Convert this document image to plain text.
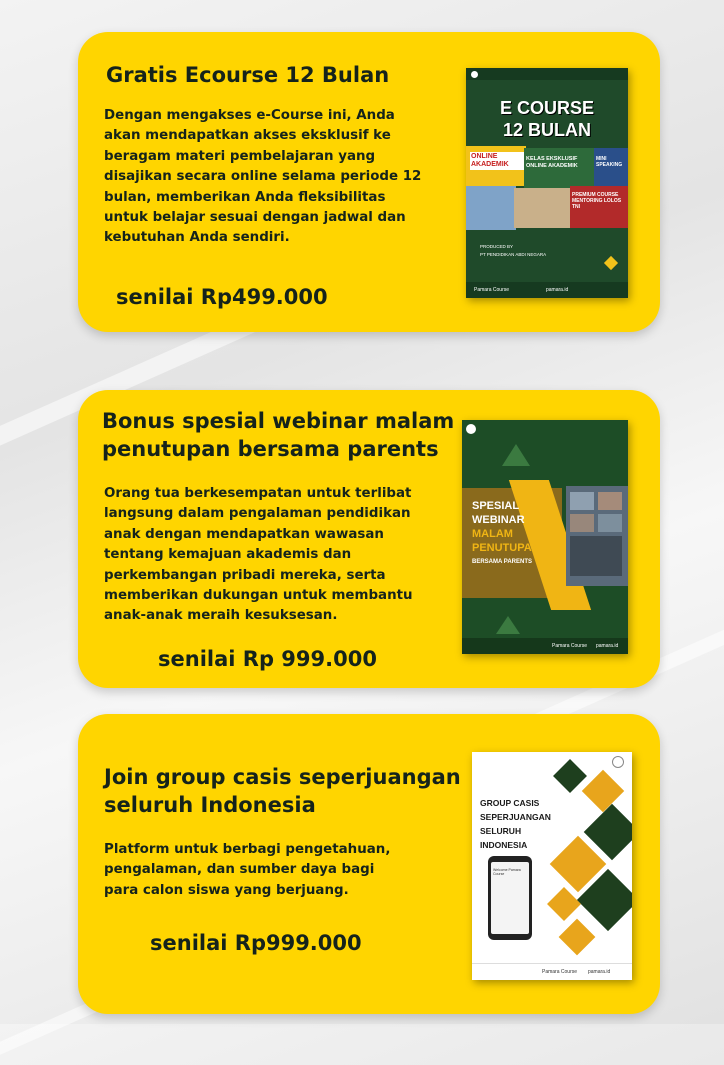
Gratis Ecourse 12 Bulan

Dengan mengakses e-Course ini, Anda akan mendapatkan akses eksklusif ke beragam materi pembelajaran yang disajikan secara online selama periode 12 bulan, memberikan Anda fleksibilitas untuk belajar sesuai dengan jadwal dan kebutuhan Anda sendiri.

senilai Rp499.000
E COURSE
12 BULAN
ONLINE AKADEMIK
KELAS EKSKLUSIF ONLINE AKADEMIK
MINI SPEAKING
PREMIUM COURSE MENTORING LOLOS TNI
PRODUCED BY
PT PENDIDIKAN ABDI NEGARA
Pamara Course	pamara.id
Bonus spesial webinar malam
penutupan bersama parents

Orang tua berkesempatan untuk terlibat langsung dalam pengalaman pendidikan anak dengan mendapatkan wawasan tentang kemajuan akademis dan perkembangan pribadi mereka, serta memberikan dukungan untuk membantu anak-anak meraih kesuksesan.

senilai Rp 999.000
SPESIAL
WEBINAR
MALAM
PENUTUPAN
BERSAMA PARENTS
Pamara Course pamara.id
Join group casis seperjuangan
seluruh Indonesia

Platform untuk berbagi pengetahuan, pengalaman, dan sumber daya bagi para calon siswa yang berjuang.

senilai Rp999.000
GROUP CASIS
SEPERJUANGAN
SELURUH
INDONESIA
Welcome Pamara Course
Pamara Course pamara.id
